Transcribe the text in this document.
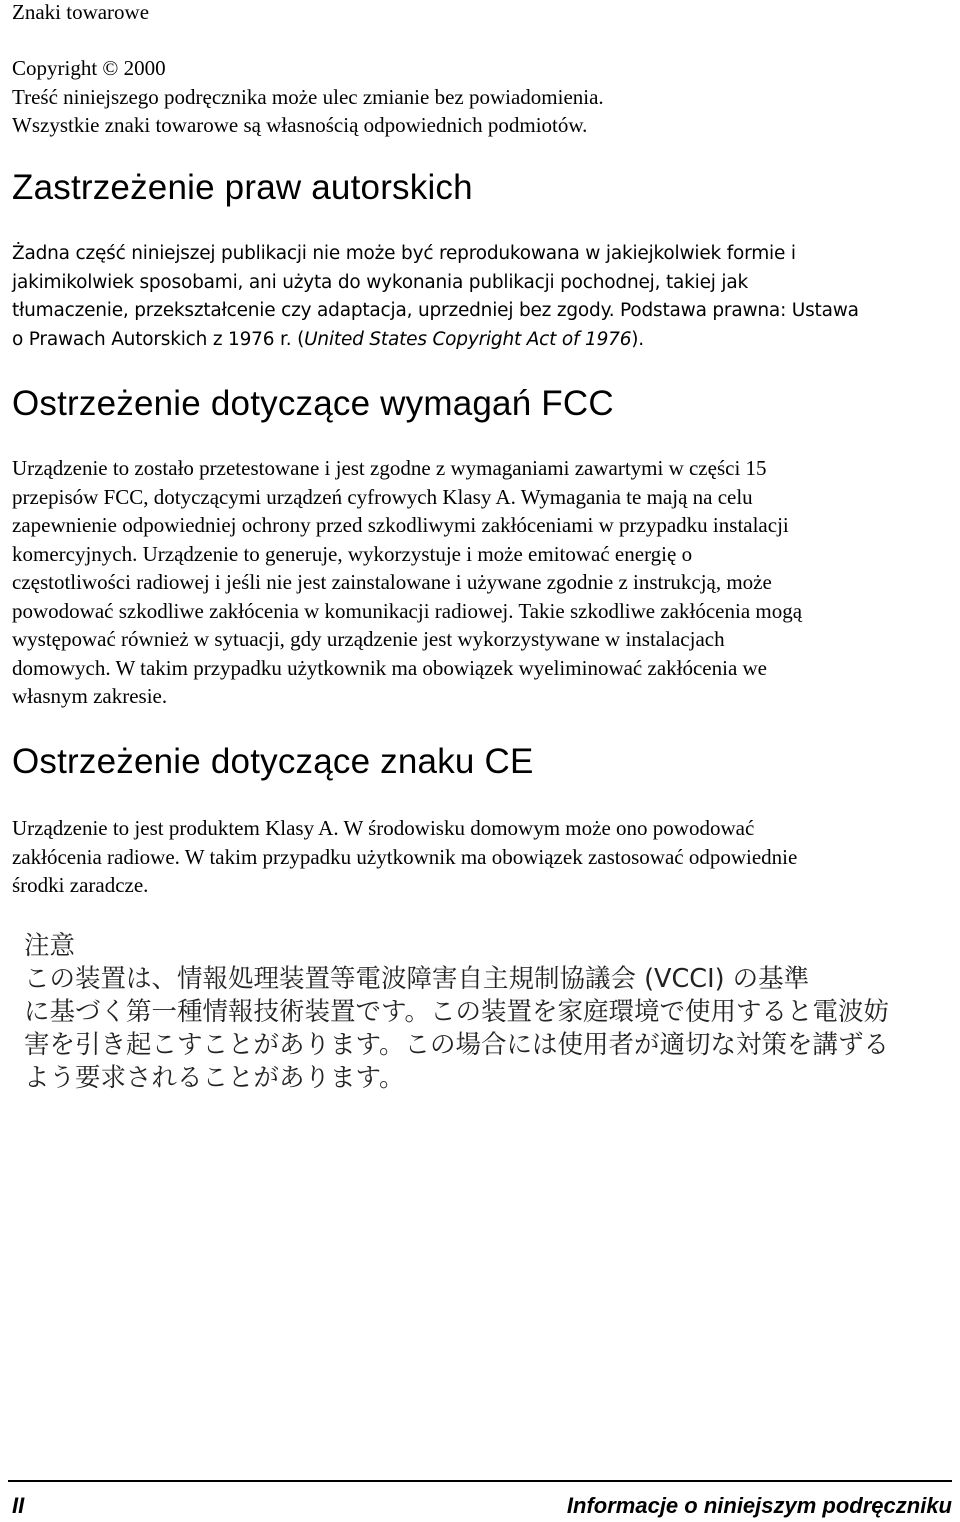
Znaki towarowe

Copyright © 2000

Treść niniejszego podręcznika może ulec zmianie bez powiadomienia.

Wszystkie znaki towarowe są własnością odpowiednich podmiotów.

Zastrzeżenie praw autorskich

Żadna część niniejszej publikacji nie może być reprodukowana w jakiejkolwiek formie i

jakimikolwiek sposobami, ani użyta do wykonania publikacji pochodnej, takiej jak

tłumaczenie, przekształcenie czy adaptacja, uprzedniej bez zgody. Podstawa prawna: Ustawa

o Prawach Autorskich z 1976 r. (United States Copyright Act of 1976).

Ostrzeżenie dotyczące wymagań FCC

Urządzenie to zostało przetestowane i jest zgodne z wymaganiami zawartymi w części 15

przepisów FCC, dotyczącymi urządzeń cyfrowych Klasy A. Wymagania te mają na celu

zapewnienie odpowiedniej ochrony przed szkodliwymi zakłóceniami w przypadku instalacji

komercyjnych. Urządzenie to generuje, wykorzystuje i może emitować energię o

częstotliwości radiowej i jeśli nie jest zainstalowane i używane zgodnie z instrukcją, może

powodować szkodliwe zakłócenia w komunikacji radiowej. Takie szkodliwe zakłócenia mogą

występować również w sytuacji, gdy urządzenie jest wykorzystywane w instalacjach

domowych. W takim przypadku użytkownik ma obowiązek wyeliminować zakłócenia we

własnym zakresie.

Ostrzeżenie dotyczące znaku CE

Urządzenie to jest produktem Klasy A. W środowisku domowym może ono powodować

zakłócenia radiowe. W takim przypadku użytkownik ma obowiązek zastosować odpowiednie

środki zaradcze.

注意
この装置は、情報処理装置等電波障害自主規制協議会 (VCCI) の基準
に基づく第一種情報技術装置です。この装置を家庭環境で使用すると電波妨
害を引き起こすことがあります。この場合には使用者が適切な対策を講ずる
よう要求されることがあります。
II	Informacje o niniejszym podręczniku
